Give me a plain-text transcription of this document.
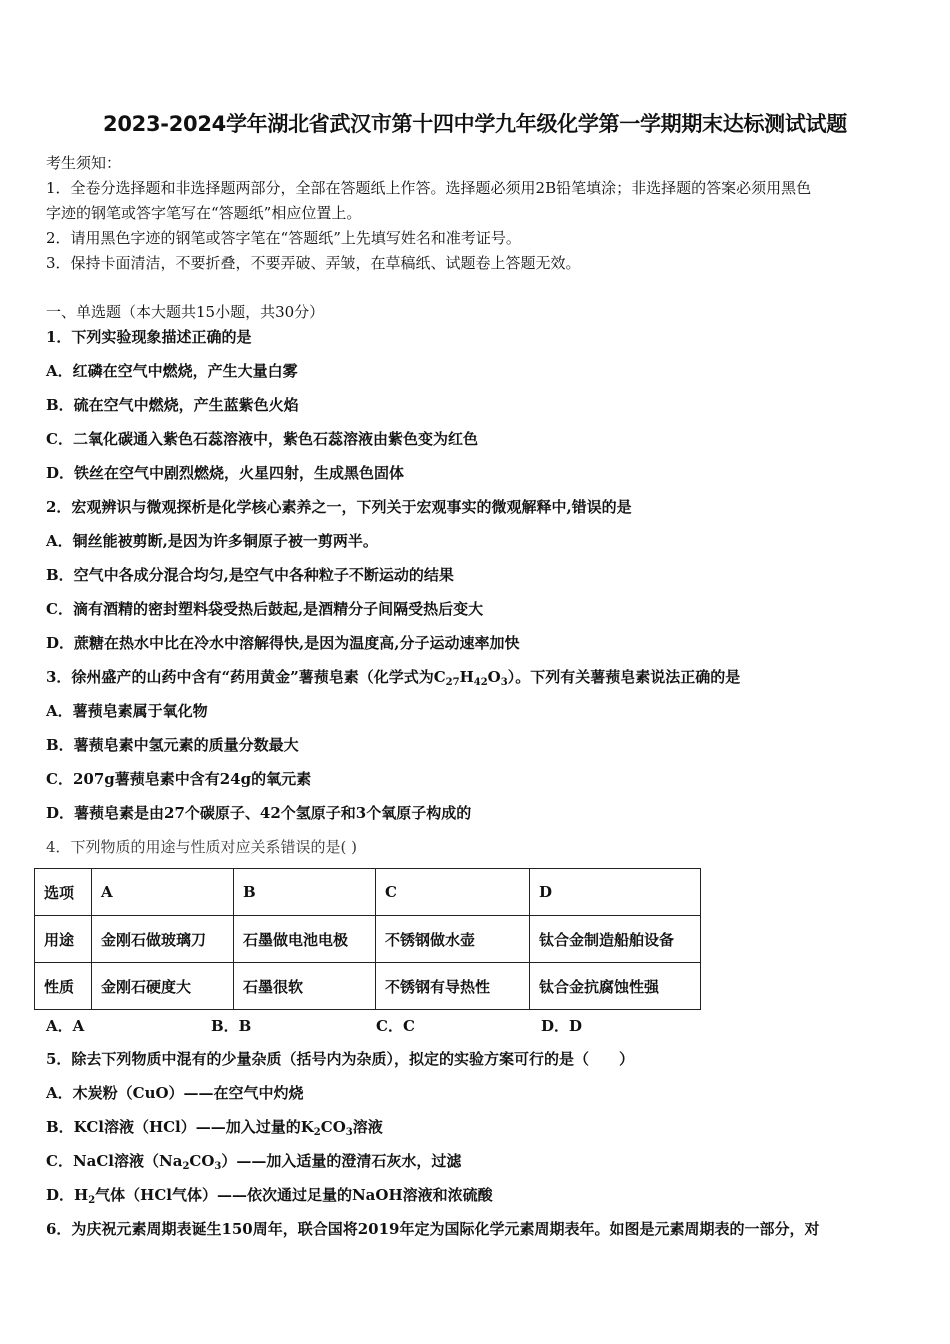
2023-2024学年湖北省武汉市第十四中学九年级化学第一学期期末达标测试试题
考生须知：
1．全卷分选择题和非选择题两部分，全部在答题纸上作答。选择题必须用2B铅笔填涂；非选择题的答案必须用黑色
字迹的钢笔或答字笔写在“答题纸”相应位置上。
2．请用黑色字迹的钢笔或答字笔在“答题纸”上先填写姓名和准考证号。
3．保持卡面清洁，不要折叠，不要弄破、弄皱，在草稿纸、试题卷上答题无效。
一、单选题（本大题共15小题，共30分）
1．下列实验现象描述正确的是
A．红磷在空气中燃烧，产生大量白雾
B．硫在空气中燃烧，产生蓝紫色火焰
C．二氧化碳通入紫色石蕊溶液中，紫色石蕊溶液由紫色变为红色
D．铁丝在空气中剧烈燃烧，火星四射，生成黑色固体
2．宏观辨识与微观探析是化学核心素养之一，下列关于宏观事实的微观解释中,错误的是
A．铜丝能被剪断,是因为许多铜原子被一剪两半。
B．空气中各成分混合均匀,是空气中各种粒子不断运动的结果
C．滴有酒精的密封塑料袋受热后鼓起,是酒精分子间隔受热后变大
D．蔗糖在热水中比在冷水中溶解得快,是因为温度高,分子运动速率加快
3．徐州盛产的山药中含有“药用黄金”薯蓣皂素（化学式为$C_{27}H_{42}O_3$）。下列有关薯蓣皂素说法正确的是
A．薯蓣皂素属于氧化物
B．薯蓣皂素中氢元素的质量分数最大
C．207g薯蓣皂素中含有24g的氧元素
D．薯蓣皂素是由27个碳原子、42个氢原子和3个氧原子构成的
4．下列物质的用途与性质对应关系错误的是( )
选项	A	B	C	D
用途	金刚石做玻璃刀	石墨做电池电极	不锈钢做水壶	钛合金制造船舶设备
性质	金刚石硬度大	石墨很软	不锈钢有导热性	钛合金抗腐蚀性强
A．A	B．B	C．C	D．D
5．除去下列物质中混有的少量杂质（括号内为杂质），拟定的实验方案可行的是（　　）
A．木炭粉（CuO）——在空气中灼烧
B．KCl溶液（HCl）——加入过量的$K_2CO_3$溶液
C．NaCl溶液$(Na_2CO_3)——$加入适量的澄清石灰水，过滤
D．$H_2$气体（HCl气体）——依次通过足量的NaOH溶液和浓硫酸
6．为庆祝元素周期表诞生150周年，联合国将2019年定为国际化学元素周期表年。如图是元素周期表的一部分，对
